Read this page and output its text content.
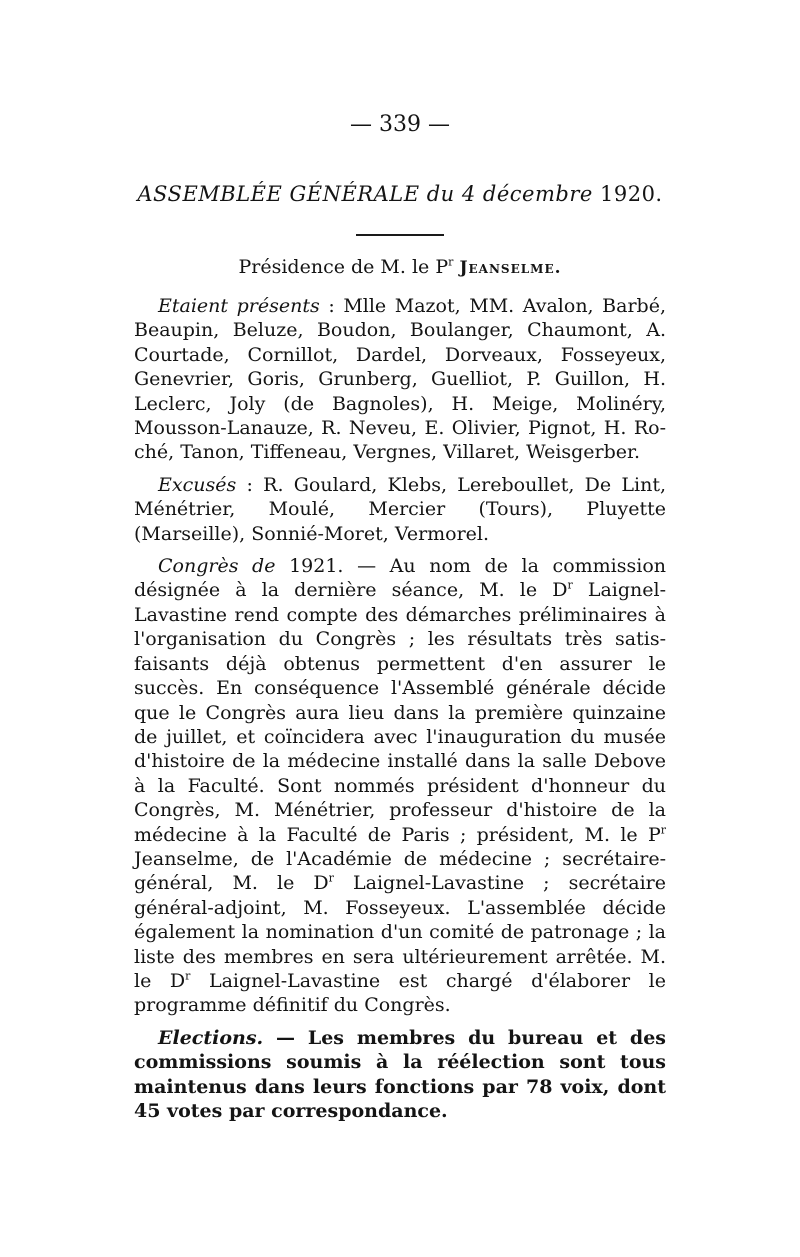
— 339 —
ASSEMBLÉE GÉNÉRALE du 4 décembre 1920.
Présidence de M. le $P^r$ Jeanselme.

Etaient présents : Mlle Mazot, MM. Avalon, Barbé, Beaupin, Beluze, Boudon, Boulanger, Chaumont, A. Courtade, Cornillot, Dardel, Dorveaux, Fosseyeux, Genevrier, Goris, Grunberg, Guelliot, P. Guillon, H. Leclerc, Joly (de Bagnoles), H. Meige, Molinéry, Mousson-Lanauze, R. Neveu, E. Olivier, Pignot, H. Roché, Tanon, Tiffeneau, Vergnes, Villaret, Weisgerber.

Excusés : R. Goulard, Klebs, Lereboullet, De Lint, Ménétrier, Moulé, Mercier (Tours), Pluyette (Marseille), Sonnié-Moret, Vermorel.

Congrès de 1921. — Au nom de la commission désignée à la dernière séance, M. le $D^r$ Laignel-Lavastine rend compte des démarches préliminaires à l'organisation du Congrès ; les résultats très satisfaisants déjà obtenus permettent d'en assurer le succès. En conséquence l'Assemblé générale décide que le Congrès aura lieu dans la première quinzaine de juillet, et coïncidera avec l'inauguration du musée d'histoire de la médecine installé dans la salle Debove à la Faculté. Sont nommés président d'honneur du Congrès, M. Ménétrier, professeur d'histoire de la médecine à la Faculté de Paris ; président, M. le $P^r$ Jeanselme, de l'Académie de médecine ; secrétaire-général, M. le $D^r$ Laignel-Lavastine ; secrétaire général-adjoint, M. Fosseyeux. L'assemblée décide également la nomination d'un comité de patronage ; la liste des membres en sera ultérieurement arrêtée. M. le $D^r$ Laignel-Lavastine est chargé d'élaborer le programme définitif du Congrès.

Elections. — Les membres du bureau et des commissions soumis à la réélection sont tous maintenus dans leurs fonctions par 78 voix, dont 45 votes par correspondance.
